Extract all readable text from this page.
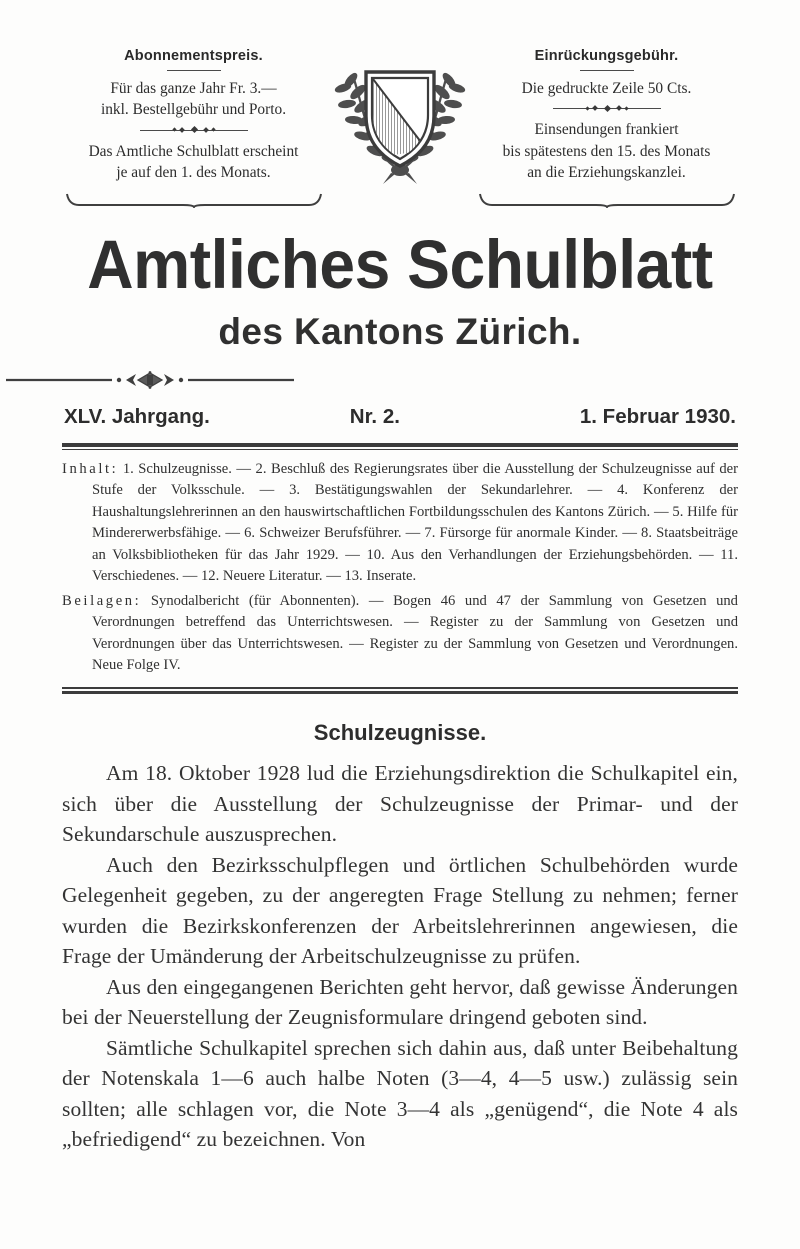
Abonnementspreis.
Für das ganze Jahr Fr. 3.—
inkl. Bestellgebühr und Porto.
Das Amtliche Schulblatt erscheint
je auf den 1. des Monats.
Einrückungsgebühr.
Die gedruckte Zeile 50 Cts.
Einsendungen frankiert
bis spätestens den 15. des Monats
an die Erziehungskanzlei.
Amtliches Schulblatt
des Kantons Zürich.
XLV. Jahrgang.	Nr. 2.	1. Februar 1930.

Inhalt: 1. Schulzeugnisse. — 2. Beschluß des Regierungsrates über die Ausstellung der Schulzeugnisse auf der Stufe der Volksschule. — 3. Bestätigungswahlen der Sekundarlehrer. — 4. Konferenz der Haushaltungslehrerinnen an den hauswirtschaftlichen Fortbildungsschulen des Kantons Zürich. — 5. Hilfe für Mindererwerbsfähige. — 6. Schweizer Berufsführer. — 7. Fürsorge für anormale Kinder. — 8. Staatsbeiträge an Volksbibliotheken für das Jahr 1929. — 10. Aus den Verhandlungen der Erziehungsbehörden. — 11. Verschiedenes. — 12. Neuere Literatur. — 13. Inserate.

Beilagen: Synodalbericht (für Abonnenten). — Bogen 46 und 47 der Sammlung von Gesetzen und Verordnungen betreffend das Unterrichtswesen. — Register zu der Sammlung von Gesetzen und Verordnungen über das Unterrichtswesen. — Register zu der Sammlung von Gesetzen und Verordnungen. Neue Folge IV.

Schulzeugnisse.

Am 18. Oktober 1928 lud die Erziehungsdirektion die Schulkapitel ein, sich über die Ausstellung der Schulzeugnisse der Primar- und der Sekundarschule auszusprechen.

Auch den Bezirksschulpflegen und örtlichen Schulbehörden wurde Gelegenheit gegeben, zu der angeregten Frage Stellung zu nehmen; ferner wurden die Bezirkskonferenzen der Arbeitslehrerinnen angewiesen, die Frage der Umänderung der Arbeitschulzeugnisse zu prüfen.

Aus den eingegangenen Berichten geht hervor, daß gewisse Änderungen bei der Neuerstellung der Zeugnisformulare dringend geboten sind.

Sämtliche Schulkapitel sprechen sich dahin aus, daß unter Beibehaltung der Notenskala 1—6 auch halbe Noten (3—4, 4—5 usw.) zulässig sein sollten; alle schlagen vor, die Note 3—4 als „genügend“, die Note 4 als „befriedigend“ zu bezeichnen. Von
